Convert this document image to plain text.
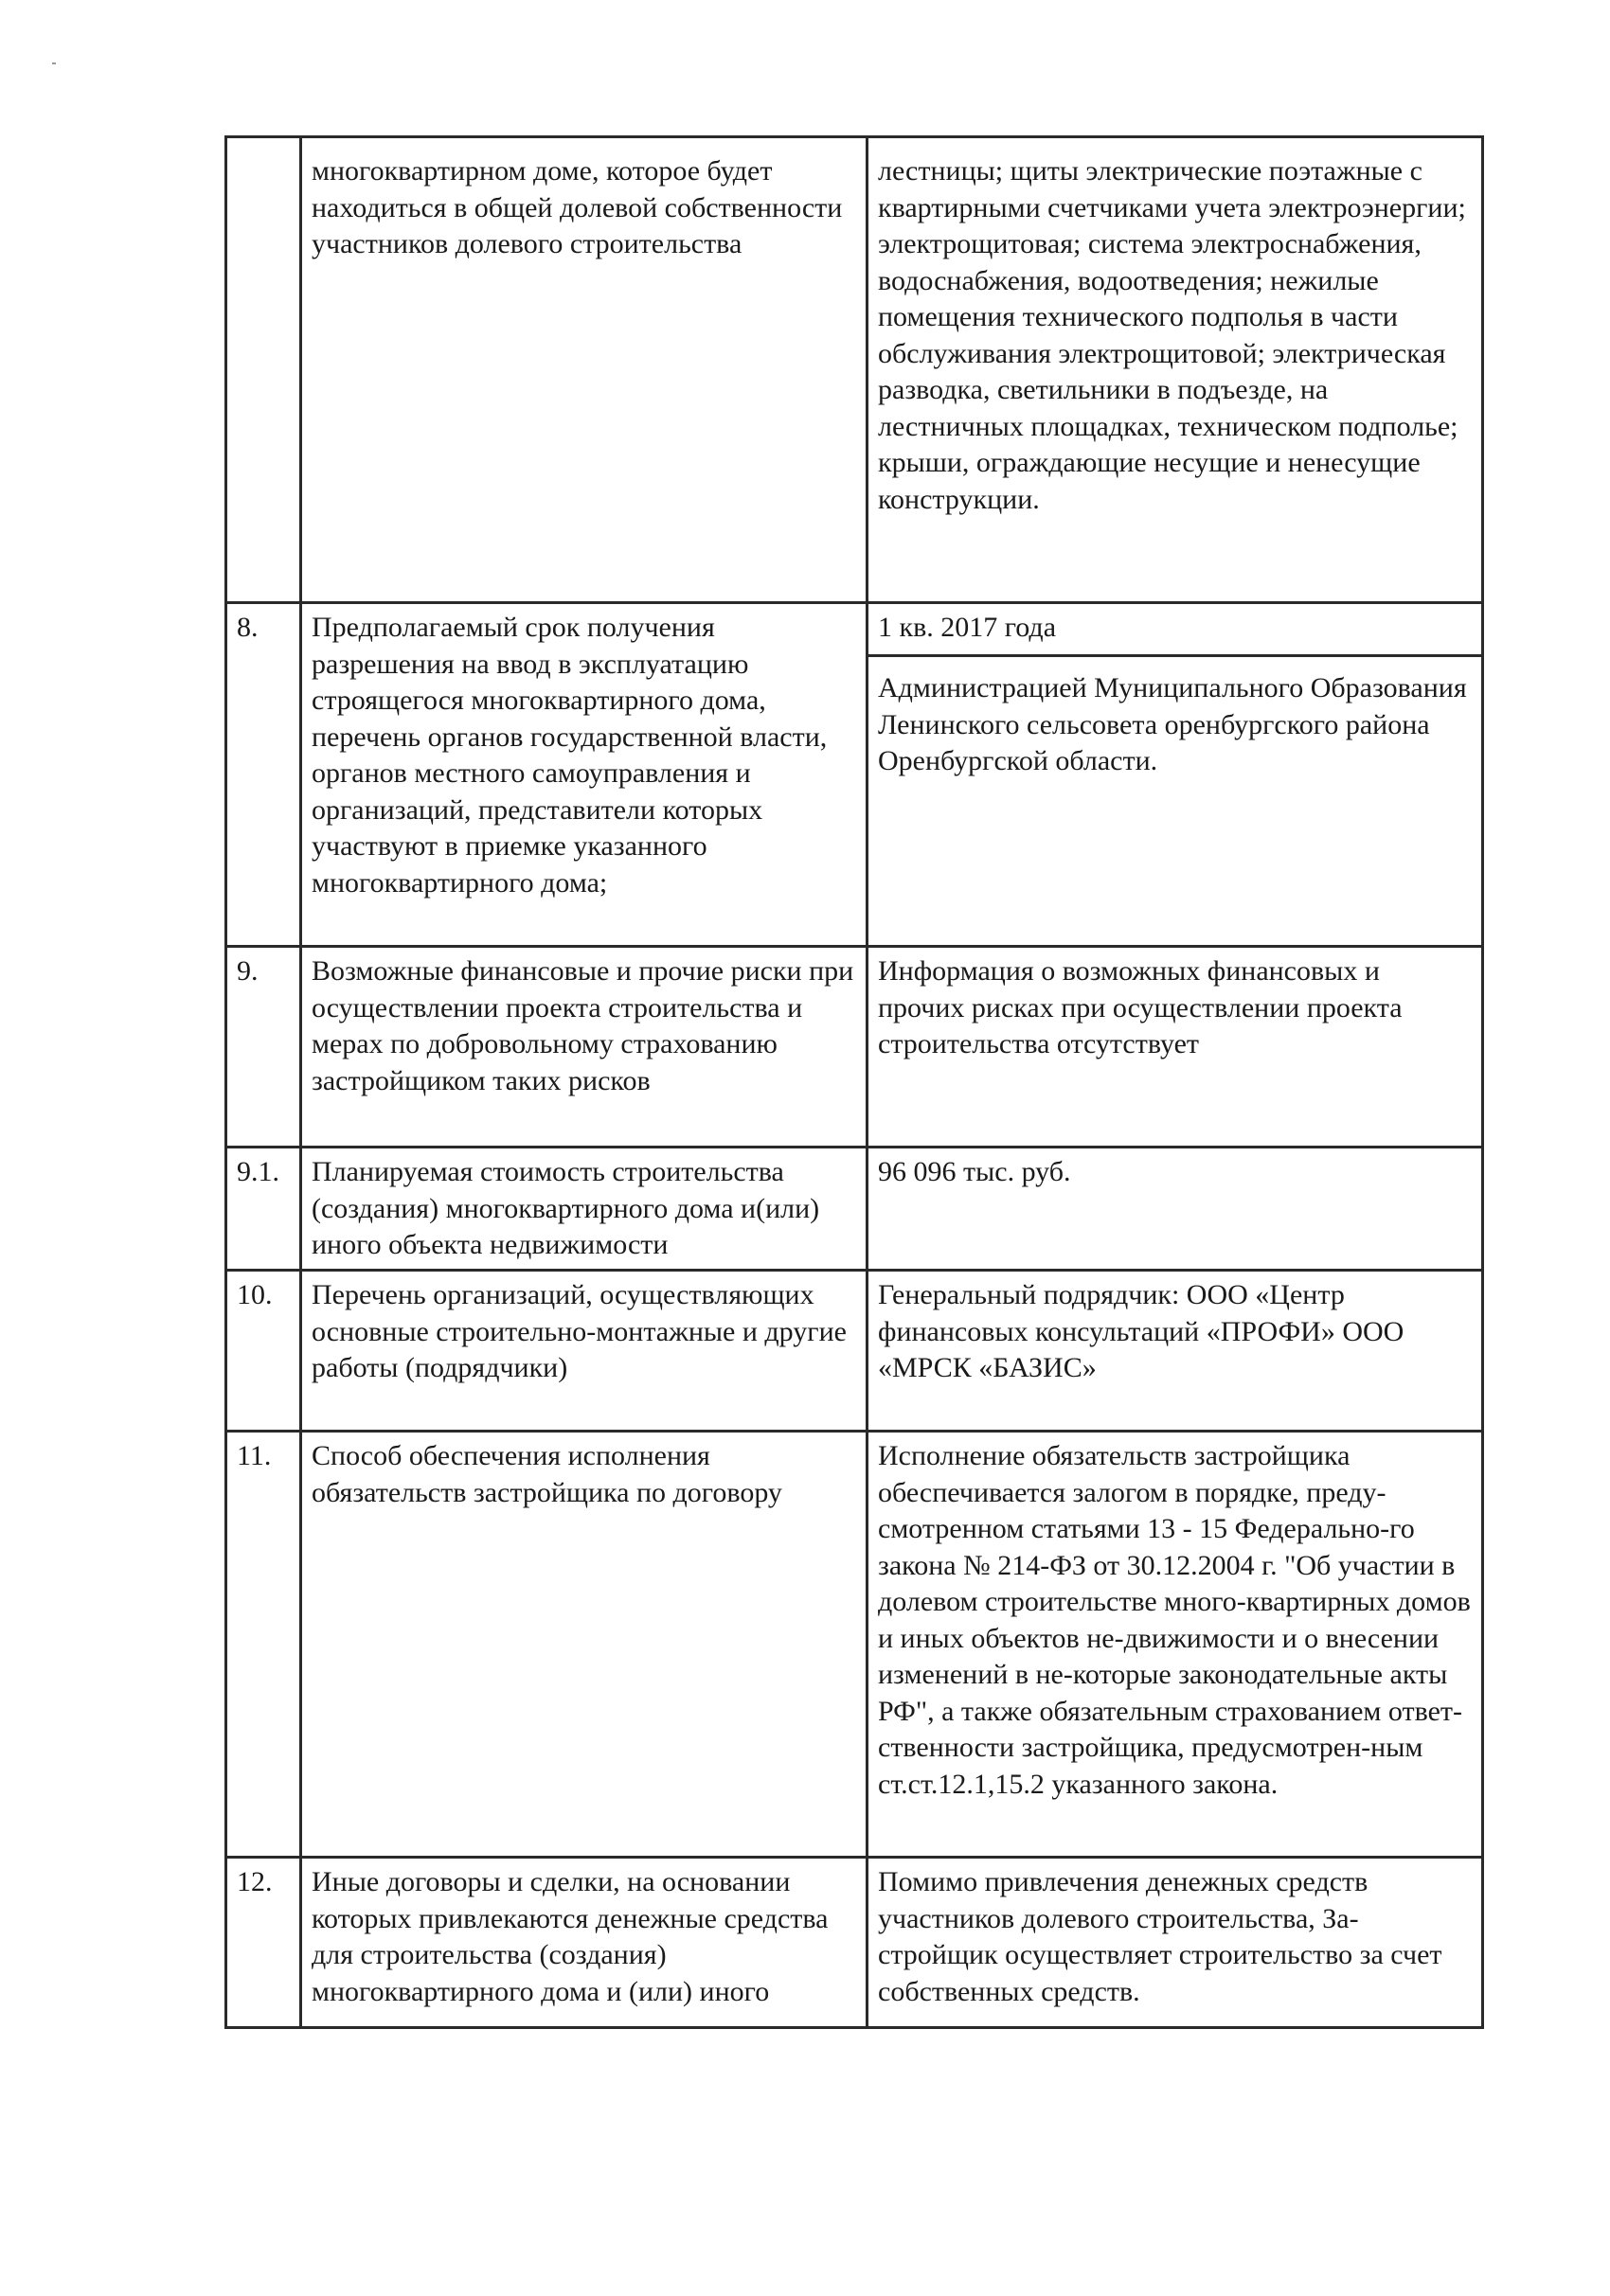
	многоквартирном доме, которое будет находиться в общей долевой собственности участников долевого строительства	лестницы; щиты электрические поэтажные с квартирными счетчиками учета электроэнергии; электрощитовая; система электроснабжения, водоснабжения, водоотведения; нежилые помещения технического подполья в части обслуживания электрощитовой; электрическая разводка, светильники в подъезде, на лестничных площадках, техническом подполье; крыши, ограждающие несущие и ненесущие конструкции.
8.	Предполагаемый срок получения разрешения на ввод в эксплуатацию строящегося многоквартирного дома, перечень органов государственной власти, органов местного самоуправления и организаций, представители которых участвуют в приемке указанного многоквартирного дома;	1 кв. 2017 года
		Администрацией Муниципального Образования Ленинского сельсовета оренбургского района Оренбургской области.
9.	Возможные финансовые и прочие риски при осуществлении проекта строительства и мерах по добровольному страхованию застройщиком таких рисков	Информация о возможных финансовых и прочих рисках при осуществлении проекта строительства отсутствует
9.1.	Планируемая стоимость строительства (создания) многоквартирного дома и(или) иного объекта недвижимости	96 096 тыс. руб.
10.	Перечень организаций, осуществляющих основные строительно-монтажные и другие работы (подрядчики)	Генеральный подрядчик: ООО «Центр финансовых консультаций «ПРОФИ» ООО «МРСК «БАЗИС»
11.	Способ обеспечения исполнения обязательств застройщика по договору	Исполнение обязательств застройщика обеспечивается залогом в порядке, преду-смотренном статьями 13 - 15 Федерально-го закона № 214-ФЗ от 30.12.2004 г. "Об участии в долевом строительстве много-квартирных домов и иных объектов не-движимости и о внесении изменений в не-которые законодательные акты РФ", а также обязательным страхованием ответ-ственности застройщика, предусмотрен-ным ст.ст.12.1,15.2 указанного закона.
12.	Иные договоры и сделки, на основании которых привлекаются денежные средства для строительства (создания) многоквартирного дома и (или) иного	Помимо привлечения денежных средств участников долевого строительства, За-стройщик осуществляет строительство за счет собственных средств.
